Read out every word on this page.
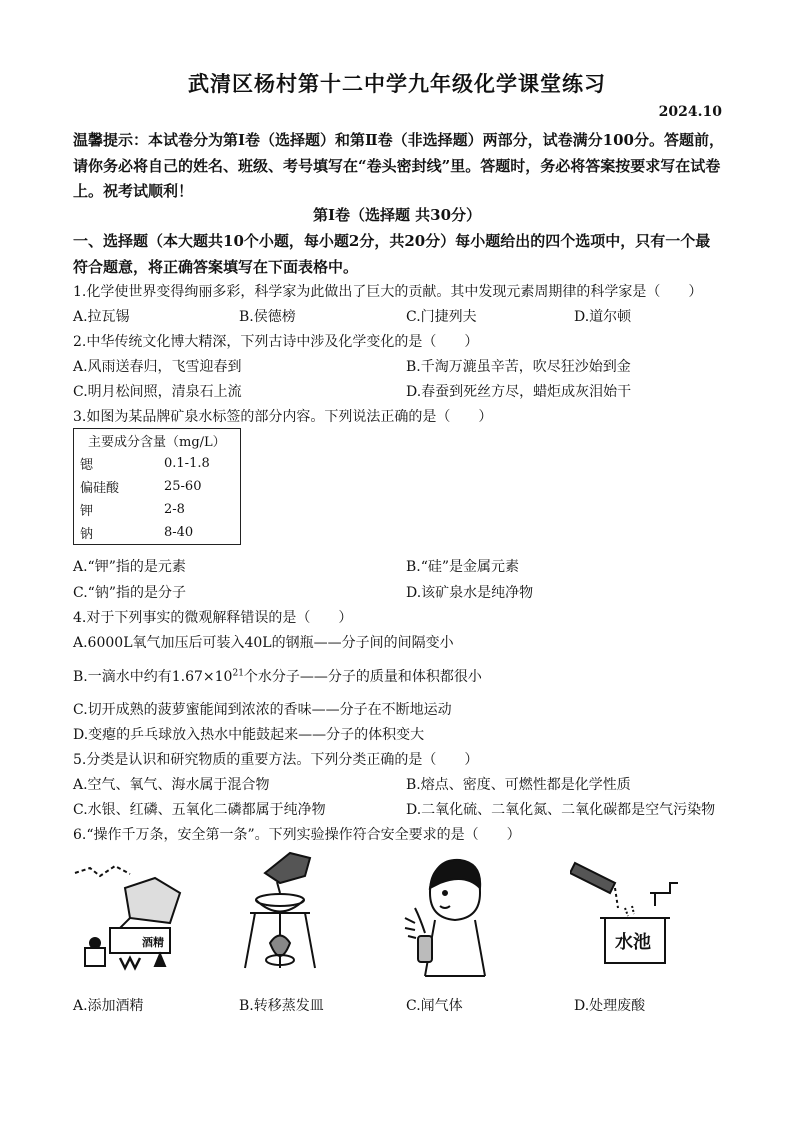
武清区杨村第十二中学九年级化学课堂练习
2024.10
温馨提示：本试卷分为第Ⅰ卷（选择题）和第Ⅱ卷（非选择题）两部分，试卷满分100分。答题前，请你务必将自己的姓名、班级、考号填写在“卷头密封线”里。答题时，务必将答案按要求写在试卷上。祝考试顺利！
第Ⅰ卷（选择题 共30分）
一、选择题（本大题共10个小题，每小题2分，共20分）每小题给出的四个选项中，只有一个最符合题意，将正确答案填写在下面表格中。
1.化学使世界变得绚丽多彩，科学家为此做出了巨大的贡献。其中发现元素周期律的科学家是（　　）
A.拉瓦锡	B.侯德榜	C.门捷列夫	D.道尔顿
2.中华传统文化博大精深，下列古诗中涉及化学变化的是（　　）
A.风雨送春归，飞雪迎春到	B.千淘万漉虽辛苦，吹尽狂沙始到金
C.明月松间照，清泉石上流	D.春蚕到死丝方尽，蜡炬成灰泪始干
3.如图为某品牌矿泉水标签的部分内容。下列说法正确的是（　　）
主要成分含量（mg/L）	
锶	0.1-1.8
偏硅酸	25-60
钾	2-8
钠	8-40
A.“钾”指的是元素	B.“硅”是金属元素
C.“钠”指的是分子	D.该矿泉水是纯净物
4.对于下列事实的微观解释错误的是（　　）
A.6000L氧气加压后可装入40L的钢瓶——分子间的间隔变小
B.一滴水中约有$1.67\times 10^{21}$个水分子——分子的质量和体积都很小
C.切开成熟的菠萝蜜能闻到浓浓的香味——分子在不断地运动
D.变瘪的乒乓球放入热水中能鼓起来——分子的体积变大
5.分类是认识和研究物质的重要方法。下列分类正确的是（　　）
A.空气、氧气、海水属于混合物	B.熔点、密度、可燃性都是化学性质
C.水银、红磷、五氧化二磷都属于纯净物	D.二氧化硫、二氧化氮、二氧化碳都是空气污染物
6.“操作千万条，安全第一条”。下列实验操作符合安全要求的是（　　）
酒精	水池
A.添加酒精	B.转移蒸发皿	C.闻气体	D.处理废酸
